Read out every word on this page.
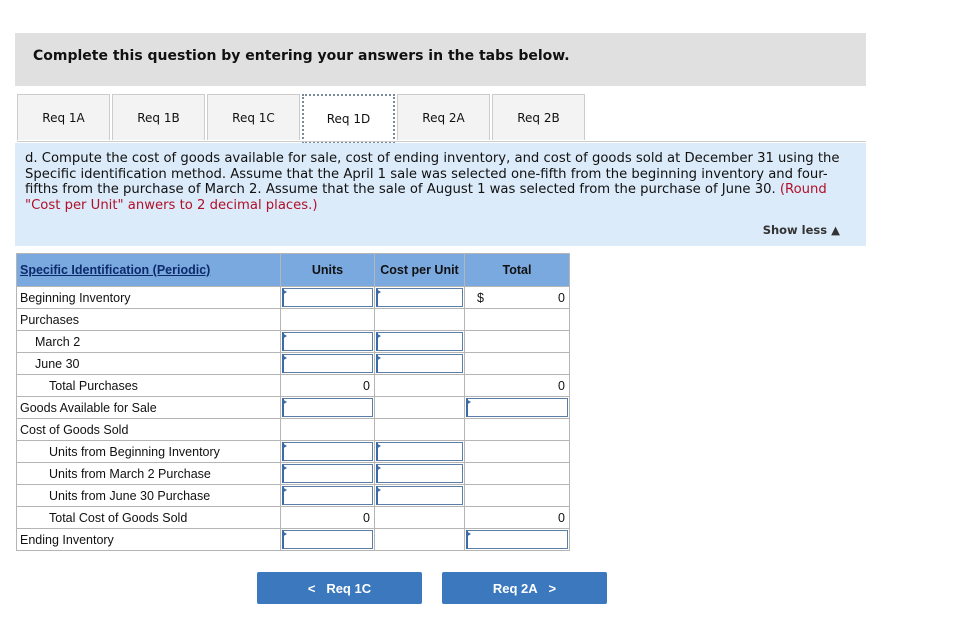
Complete this question by entering your answers in the tabs below.
Req 1A	Req 1B	Req 1C	Req 1D	Req 2A	Req 2B

d. Compute the cost of goods available for sale, cost of ending inventory, and cost of goods sold at December 31 using the Specific identification method. Assume that the April 1 sale was selected one-fifth from the beginning inventory and four-fifths from the purchase of March 2. Assume that the sale of August 1 was selected from the purchase of June 30. (Round "Cost per Unit" anwers to 2 decimal places.)

Show less ▲
Specific Identification (Periodic)	Units	Cost per Unit	Total
Beginning Inventory			$ 0
Purchases			
March 2	

June 30	

Total Purchases	0		0
Goods Available for Sale	

Cost of Goods Sold			
Units from Beginning Inventory	

Units from March 2 Purchase	

Units from June 30 Purchase	

Total Cost of Goods Sold	0		0
Ending Inventory	

<
Req 1C	Req 2A
>
